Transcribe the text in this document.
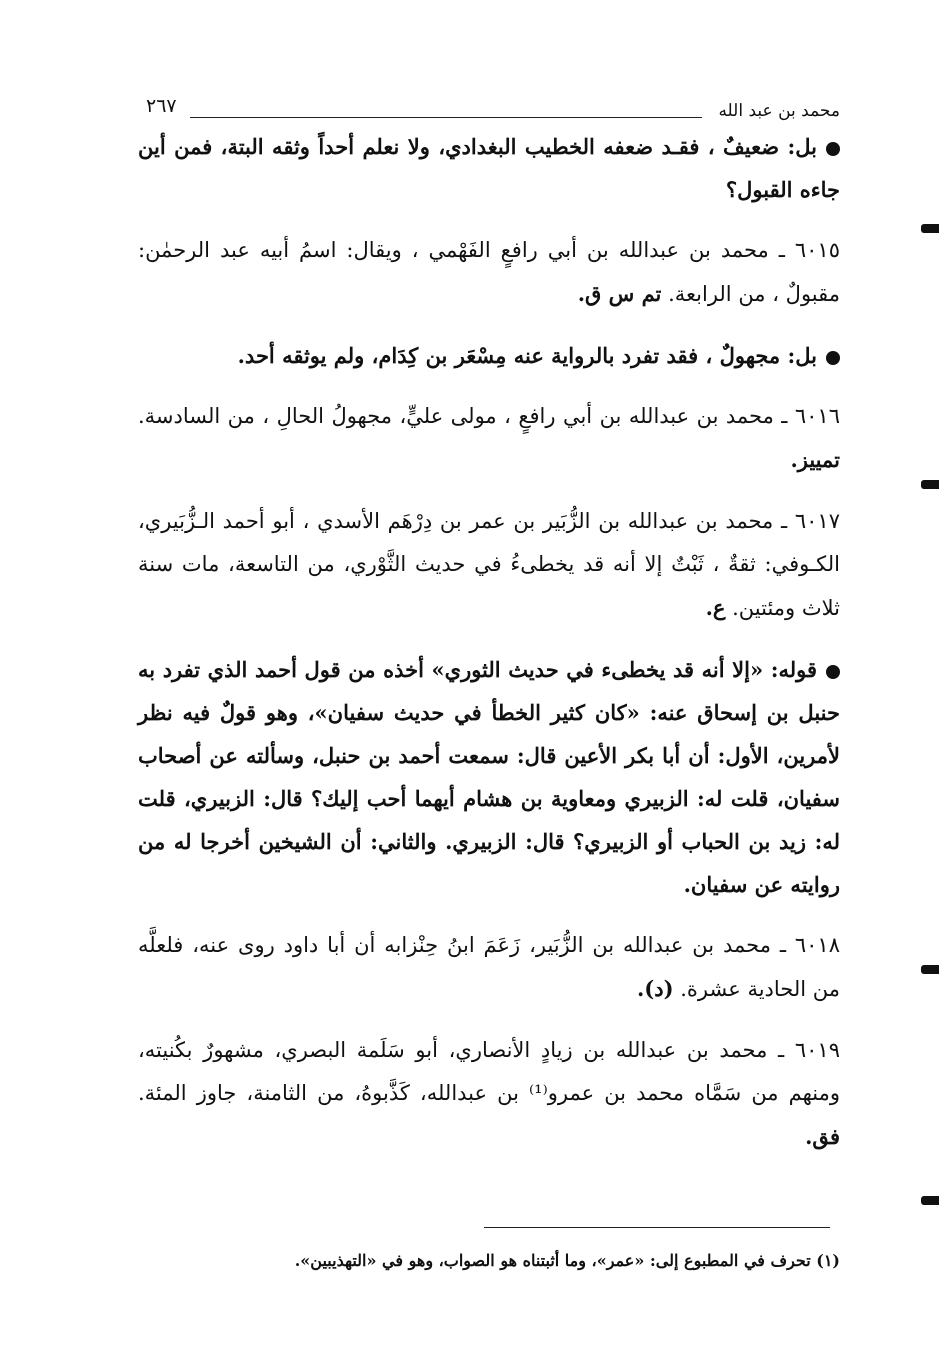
محمد بن عبد الله
٢٦٧

بل: ضعيفٌ ، فقـد ضعفه الخطيب البغدادي، ولا نعلم أحداً وثقه البتة، فمن أين جاءه القبول؟

٦٠١٥ ـ محمد بن عبدالله بن أبي رافعٍ الفَهْمي ، ويقال: اسمُ أبيه عبد الرحمٰن: مقبولٌ ، من الرابعة. تم س ق.

بل: مجهولٌ ، فقد تفرد بالرواية عنه مِسْعَر بن كِدَام، ولم يوثقه أحد.

٦٠١٦ ـ محمد بن عبدالله بن أبي رافعٍ ، مولى عليٍّ، مجهولُ الحالِ ، من السادسة. تمييز.

٦٠١٧ ـ محمد بن عبدالله بن الزُّبَير بن عمر بن دِرْهَم الأسدي ، أبو أحمد الـزُّبَيري، الكـوفي: ثقةٌ ، ثَبْتٌ إلا أنه قد يخطىءُ في حديث الثَّوْري، من التاسعة، مات سنة ثلاث ومئتين. ع.

قوله: «إلا أنه قد يخطىء في حديث الثوري» أخذه من قول أحمد الذي تفرد به حنبل بن إسحاق عنه: «كان كثير الخطأ في حديث سفيان»، وهو قولٌ فيه نظر لأمرين، الأول: أن أبا بكر الأعين قال: سمعت أحمد بن حنبل، وسألته عن أصحاب سفيان، قلت له: الزبيري ومعاوية بن هشام أيهما أحب إليك؟ قال: الزبيري، قلت له: زيد بن الحباب أو الزبيري؟ قال: الزبيري. والثاني: أن الشيخين أخرجا له من روايته عن سفيان.

٦٠١٨ ـ محمد بن عبدالله بن الزُّبَير، زَعَمَ ابنُ حِنْزابه أن أبا داود روى عنه، فلعلَّه من الحادية عشرة. (د).

٦٠١٩ ـ محمد بن عبدالله بن زيادٍ الأنصاري، أبو سَلَمة البصري، مشهورٌ بكُنيته، ومنهم من سَمَّاه محمد بن عمرو⁽¹⁾ بن عبدالله، كَذَّبوهُ، من الثامنة، جاوز المئة. فق.

(١) تحرف في المطبوع إلى: «عمر»، وما أثبتناه هو الصواب، وهو في «التهذيبين».
